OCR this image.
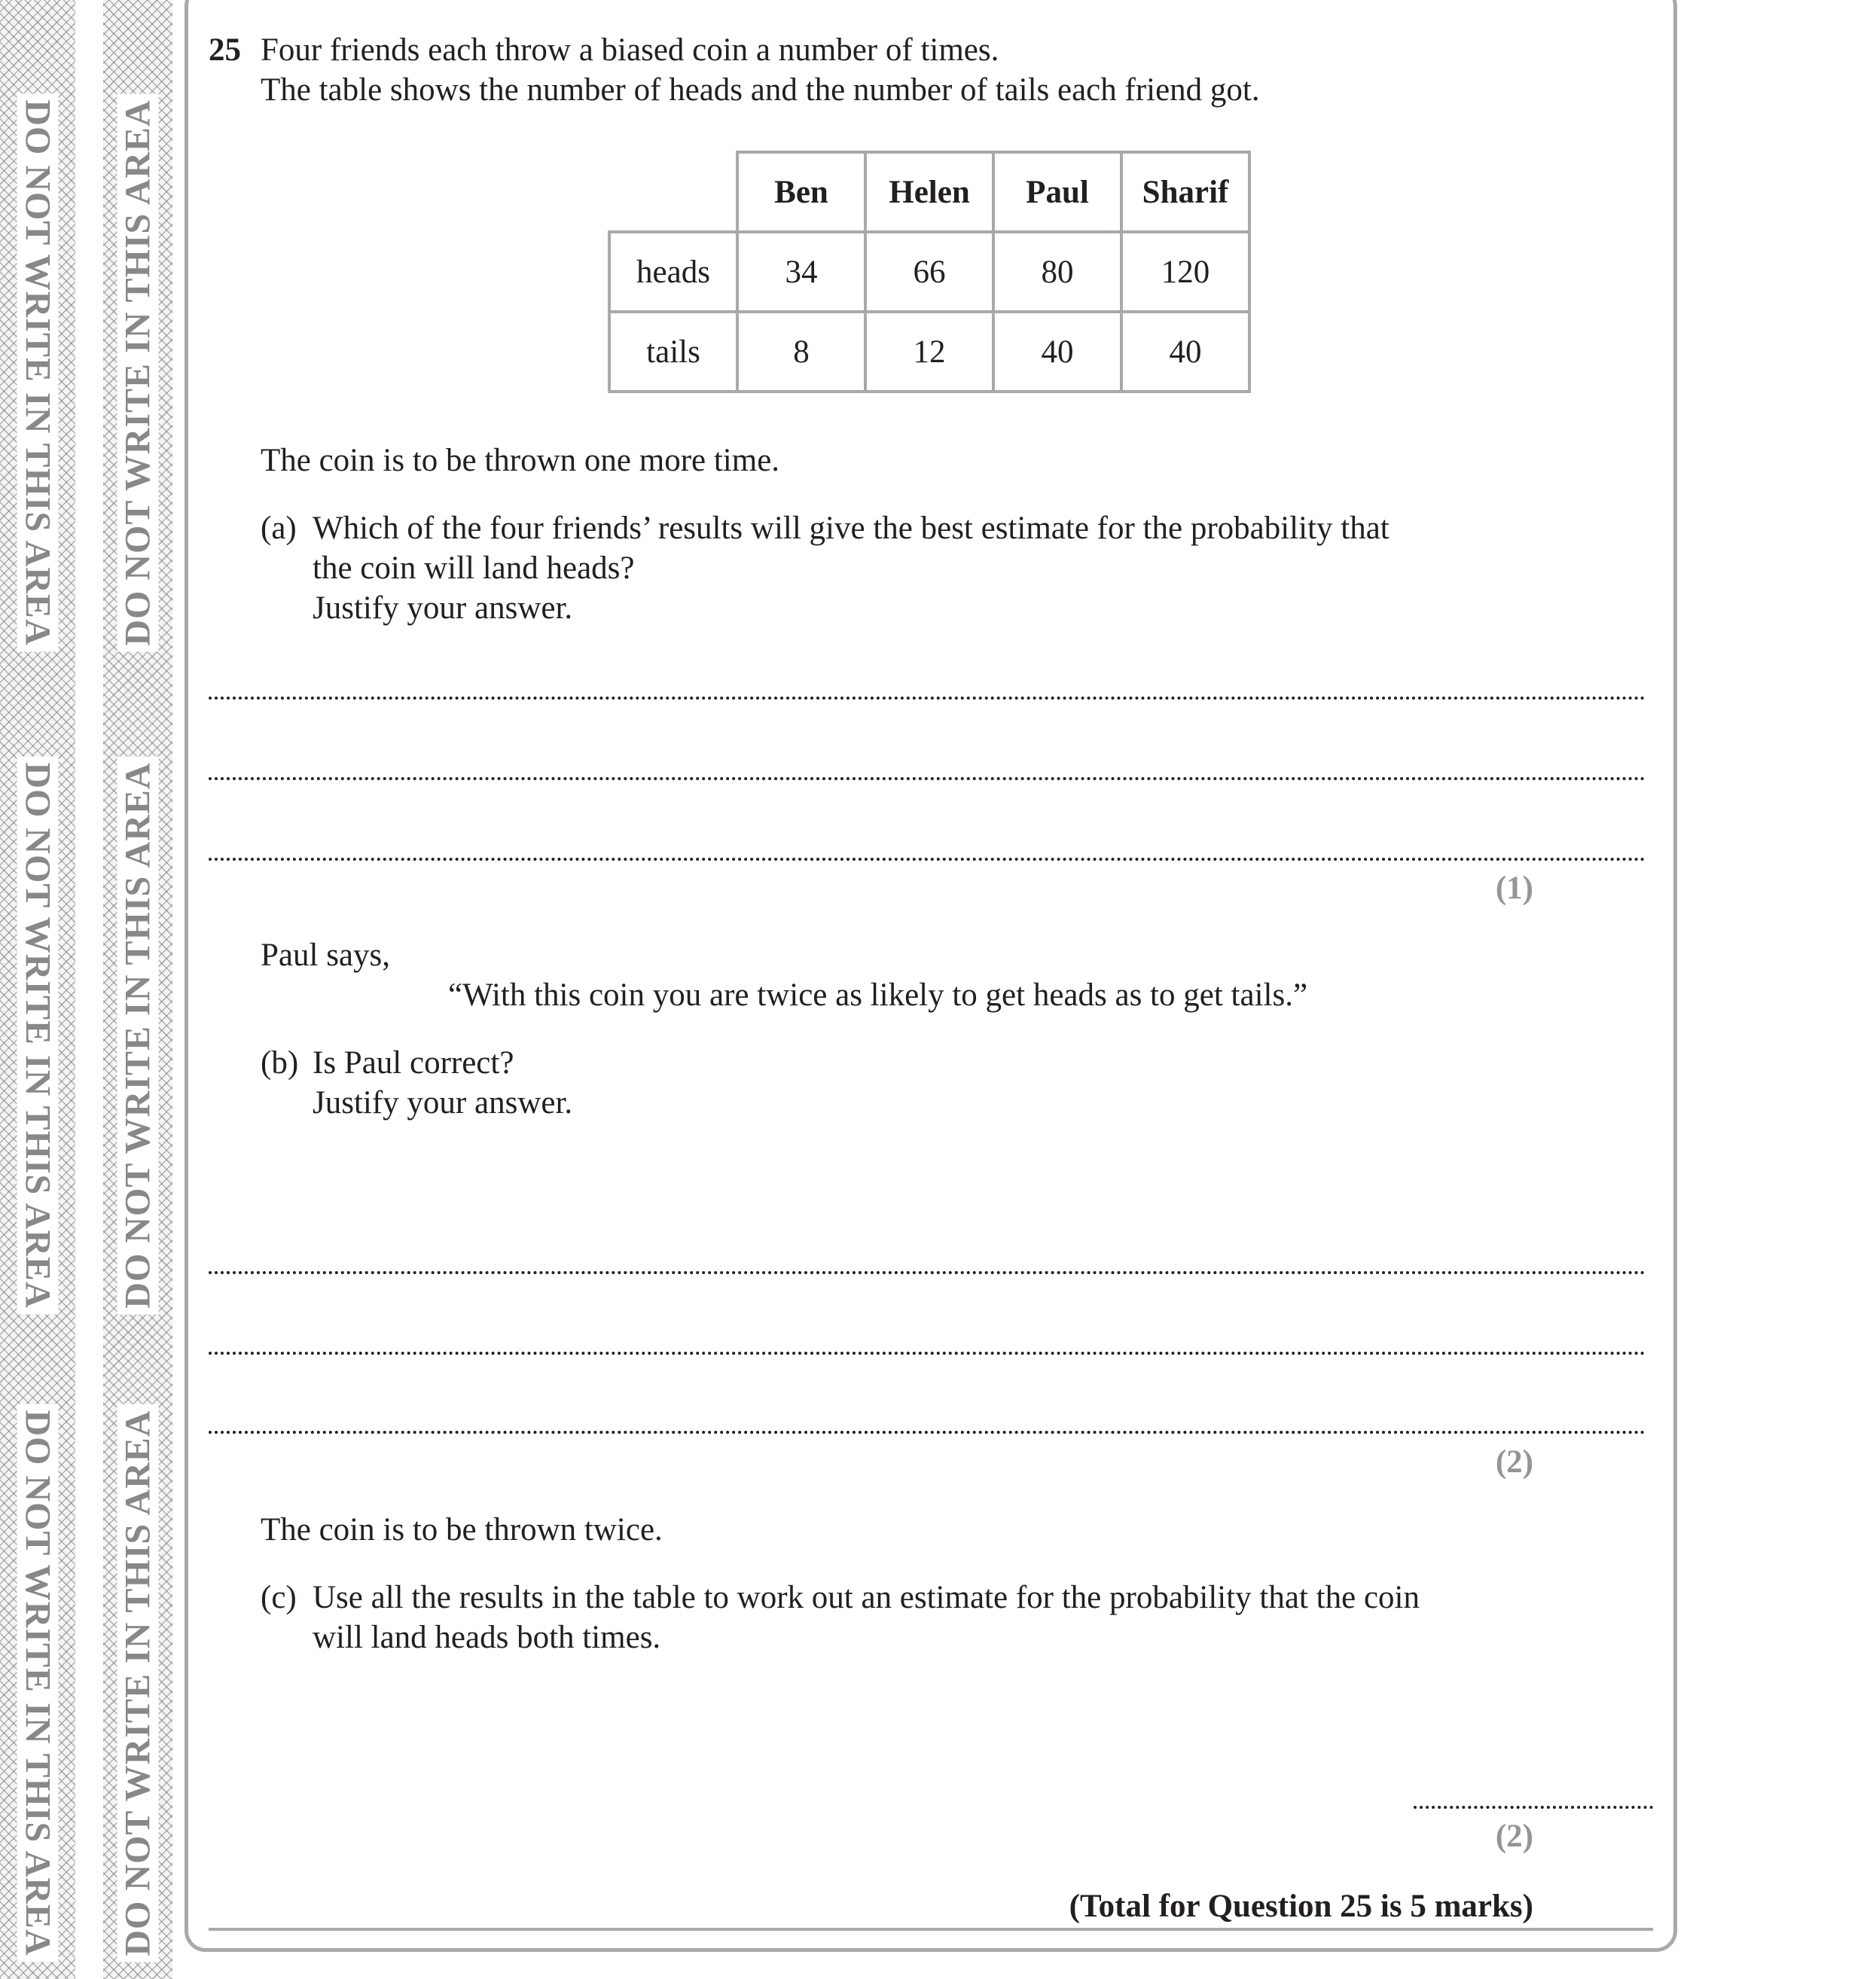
DO NOT WRITE IN THIS AREA
DO NOT WRITE IN THIS AREA
DO NOT WRITE IN THIS AREA
DO NOT WRITE IN THIS AREA
DO NOT WRITE IN THIS AREA
DO NOT WRITE IN THIS AREA
25 Four friends each throw a biased coin a number of times.
The table shows the number of heads and the number of tails each friend got.
	Ben	Helen	Paul	Sharif
heads	34	66	80	120
tails	8	12	40	40
The coin is to be thrown one more time.
(a) Which of the four friends’ results will give the best estimate for the probability that
the coin will land heads?
Justify your answer.
(1)
Paul says,
“With this coin you are twice as likely to get heads as to get tails.”
(b) Is Paul correct?
Justify your answer.
(2)
The coin is to be thrown twice.
(c) Use all the results in the table to work out an estimate for the probability that the coin
will land heads both times.
(2)
(Total for Question 25 is 5 marks)
